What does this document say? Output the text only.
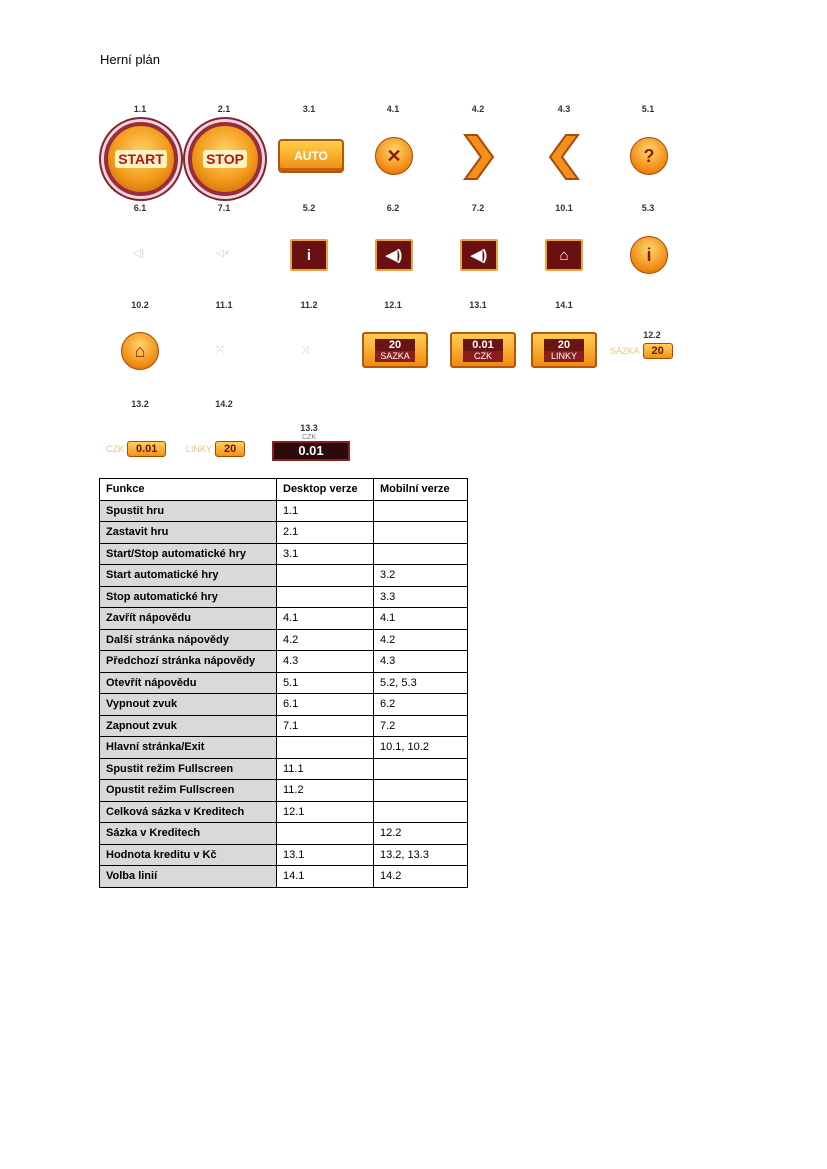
Herní plán
1.1	2.1	3.1	4.1	4.2	4.3	5.1
START	STOP	AUTO	✕	?
6.1	7.1	5.2	6.2	7.2	10.1	5.3
◁)	◁×	i	◀)	◀)	⌂	i
10.2	11.1	11.2	12.1	13.1	14.1
12.2
⌂	⤧	⤨	20
SAZKA
0.01
CZK
20
LINKY	SÁZKA	20
13.2	14.2
13.3
CZK	0.01	LINKY	20
CZK
0.01
Funkce	Desktop verze	Mobilní verze
Spustit hru	1.1	
Zastavit hru	2.1	
Start/Stop automatické hry	3.1	
Start automatické hry		3.2
Stop automatické hry		3.3
Zavřít nápovědu	4.1	4.1
Další stránka nápovědy	4.2	4.2
Předchozí stránka nápovědy	4.3	4.3
Otevřít nápovědu	5.1	5.2, 5.3
Vypnout zvuk	6.1	6.2
Zapnout zvuk	7.1	7.2
Hlavní stránka/Exit		10.1, 10.2
Spustit režim Fullscreen	11.1	
Opustit režim Fullscreen	11.2	
Celková sázka v Kreditech	12.1	
Sázka v Kreditech		12.2
Hodnota kreditu v Kč	13.1	13.2, 13.3
Volba linií	14.1	14.2
